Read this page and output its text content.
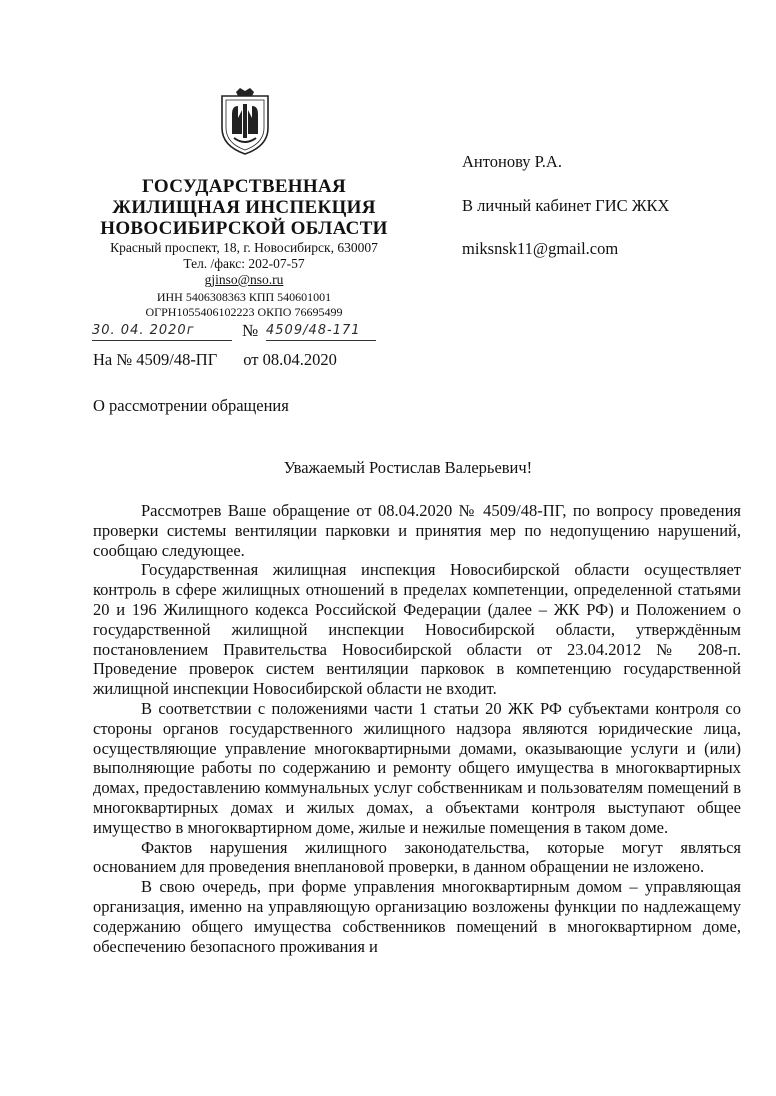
ГОСУДАРСТВЕННАЯ
ЖИЛИЩНАЯ ИНСПЕКЦИЯ
НОВОСИБИРСКОЙ ОБЛАСТИ
Красный проспект, 18, г. Новосибирск, 630007
Тел. /факс: 202-07-57
gjinso@nso.ru
ИНН 5406308363 КПП 540601001
ОГРН1055406102223 ОКПО 76695499
30. 04. 2020г	№ 4509/48-171
На № 4509/48-ПГ от 08.04.2020
О рассмотрении обращения
Антонову Р.А.
В личный кабинет ГИС ЖКХ
miksnsk11@gmail.com
Уважаемый Ростислав Валерьевич!

Рассмотрев Ваше обращение от 08.04.2020 № 4509/48-ПГ, по вопросу проведения проверки системы вентиляции парковки и принятия мер по недопущению нарушений, сообщаю следующее.

Государственная жилищная инспекция Новосибирской области осуществляет контроль в сфере жилищных отношений в пределах компетенции, определенной статьями 20 и 196 Жилищного кодекса Российской Федерации (далее – ЖК РФ) и Положением о государственной жилищной инспекции Новосибирской области, утверждённым постановлением Правительства Новосибирской области от 23.04.2012 № 208-п. Проведение проверок систем вентиляции парковок в компетенцию государственной жилищной инспекции Новосибирской области не входит.

В соответствии с положениями части 1 статьи 20 ЖК РФ субъектами контроля со стороны органов государственного жилищного надзора являются юридические лица, осуществляющие управление многоквартирными домами, оказывающие услуги и (или) выполняющие работы по содержанию и ремонту общего имущества в многоквартирных домах, предоставлению коммунальных услуг собственникам и пользователям помещений в многоквартирных домах и жилых домах, а объектами контроля выступают общее имущество в многоквартирном доме, жилые и нежилые помещения в таком доме.

Фактов нарушения жилищного законодательства, которые могут являться основанием для проведения внеплановой проверки, в данном обращении не изложено.

В свою очередь, при форме управления многоквартирным домом – управляющая организация, именно на управляющую организацию возложены функции по надлежащему содержанию общего имущества собственников помещений в многоквартирном доме, обеспечению безопасного проживания и
